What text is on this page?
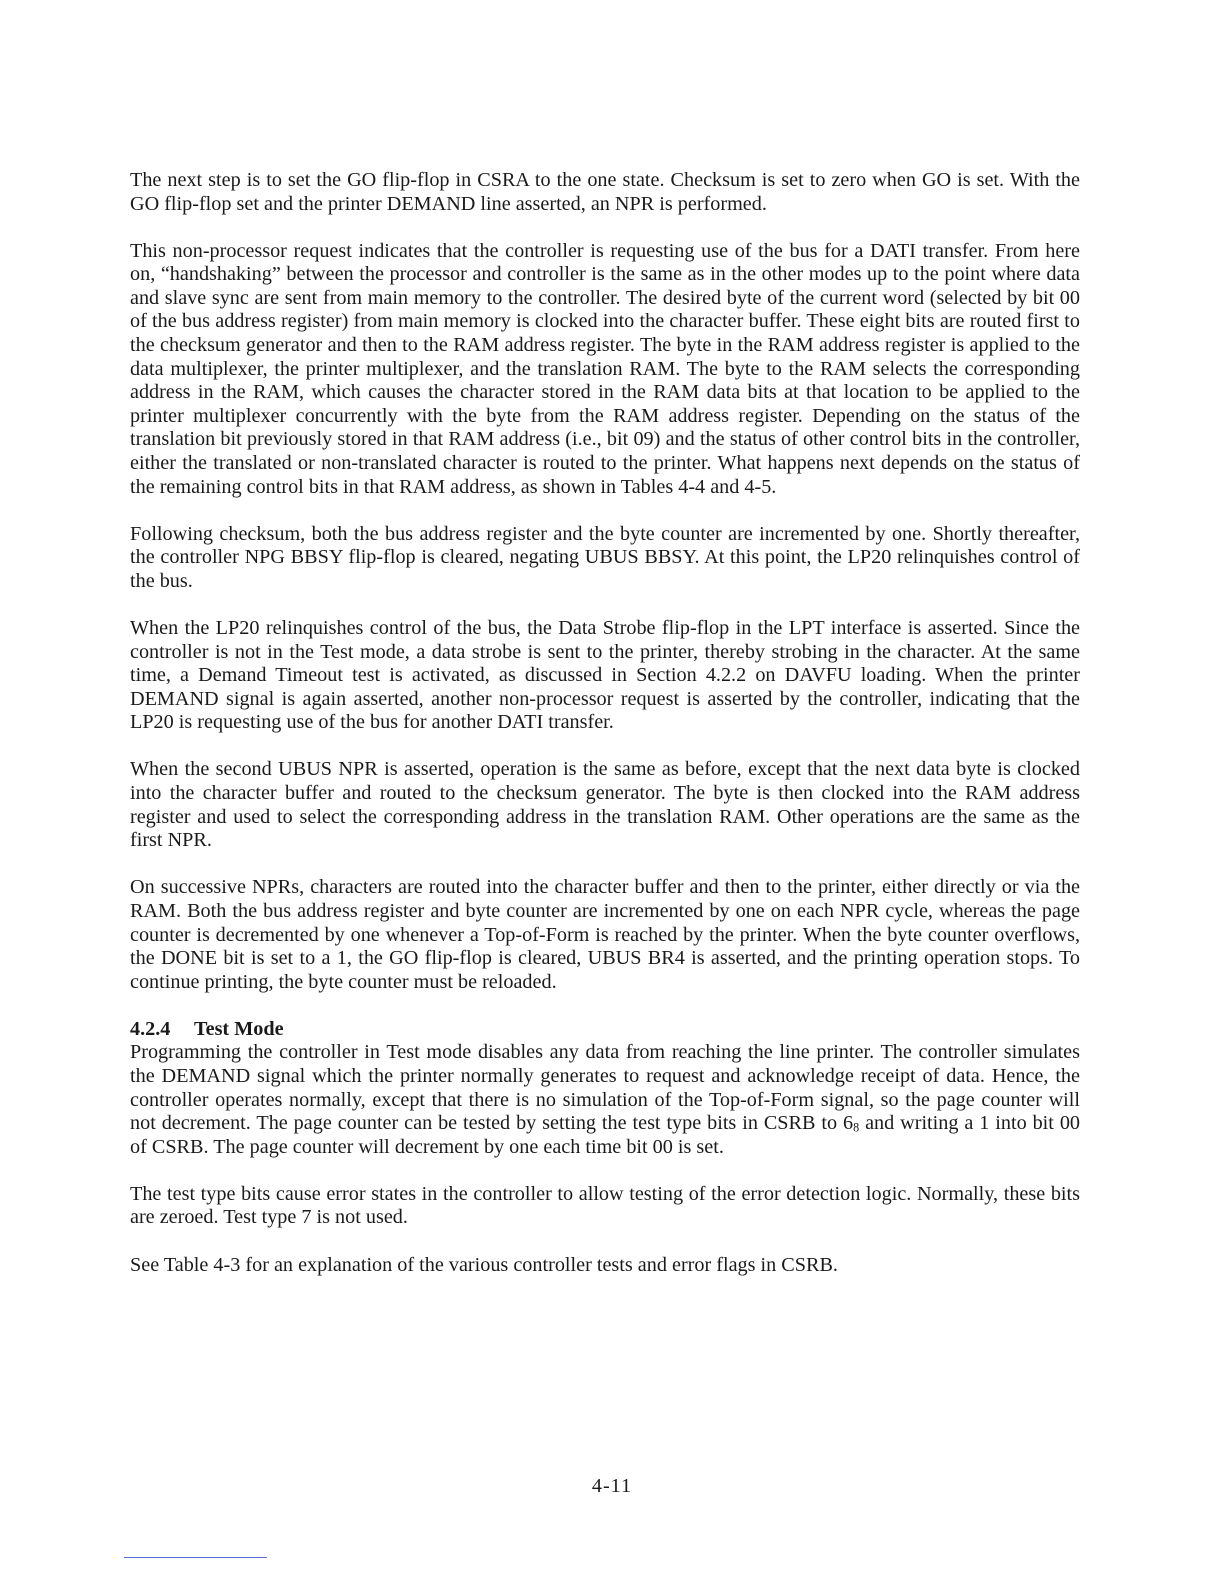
The next step is to set the GO flip-flop in CSRA to the one state. Checksum is set to zero when GO is set. With the GO flip-flop set and the printer DEMAND line asserted, an NPR is performed.

This non-processor request indicates that the controller is requesting use of the bus for a DATI transfer. From here on, “handshaking” between the processor and controller is the same as in the other modes up to the point where data and slave sync are sent from main memory to the controller. The desired byte of the current word (selected by bit 00 of the bus address register) from main memory is clocked into the character buffer. These eight bits are routed first to the checksum generator and then to the RAM address register. The byte in the RAM address register is applied to the data multiplexer, the printer multiplexer, and the translation RAM. The byte to the RAM selects the corresponding address in the RAM, which causes the character stored in the RAM data bits at that location to be applied to the printer multiplexer concurrently with the byte from the RAM address register. Depending on the status of the translation bit previously stored in that RAM address (i.e., bit 09) and the status of other control bits in the controller, either the translated or non-translated character is routed to the printer. What happens next depends on the status of the remaining control bits in that RAM address, as shown in Tables 4-4 and 4-5.

Following checksum, both the bus address register and the byte counter are incremented by one. Shortly thereafter, the controller NPG BBSY flip-flop is cleared, negating UBUS BBSY. At this point, the LP20 relinquishes control of the bus.

When the LP20 relinquishes control of the bus, the Data Strobe flip-flop in the LPT interface is asserted. Since the controller is not in the Test mode, a data strobe is sent to the printer, thereby strobing in the character. At the same time, a Demand Timeout test is activated, as discussed in Section 4.2.2 on DAVFU loading. When the printer DEMAND signal is again asserted, another non-processor request is asserted by the controller, indicating that the LP20 is requesting use of the bus for another DATI transfer.

When the second UBUS NPR is asserted, operation is the same as before, except that the next data byte is clocked into the character buffer and routed to the checksum generator. The byte is then clocked into the RAM address register and used to select the corresponding address in the translation RAM. Other operations are the same as the first NPR.

On successive NPRs, characters are routed into the character buffer and then to the printer, either directly or via the RAM. Both the bus address register and byte counter are incremented by one on each NPR cycle, whereas the page counter is decremented by one whenever a Top-of-Form is reached by the printer. When the byte counter overflows, the DONE bit is set to a 1, the GO flip-flop is cleared, UBUS BR4 is asserted, and the printing operation stops. To continue printing, the byte counter must be reloaded.

4.2.4 Test Mode

Programming the controller in Test mode disables any data from reaching the line printer. The controller simulates the DEMAND signal which the printer normally generates to request and acknowledge receipt of data. Hence, the controller operates normally, except that there is no simulation of the Top-of-Form signal, so the page counter will not decrement. The page counter can be tested by setting the test type bits in CSRB to $6_8$ and writing a 1 into bit 00 of CSRB. The page counter will decrement by one each time bit 00 is set.

The test type bits cause error states in the controller to allow testing of the error detection logic. Normally, these bits are zeroed. Test type 7 is not used.

See Table 4-3 for an explanation of the various controller tests and error flags in CSRB.

4-11
